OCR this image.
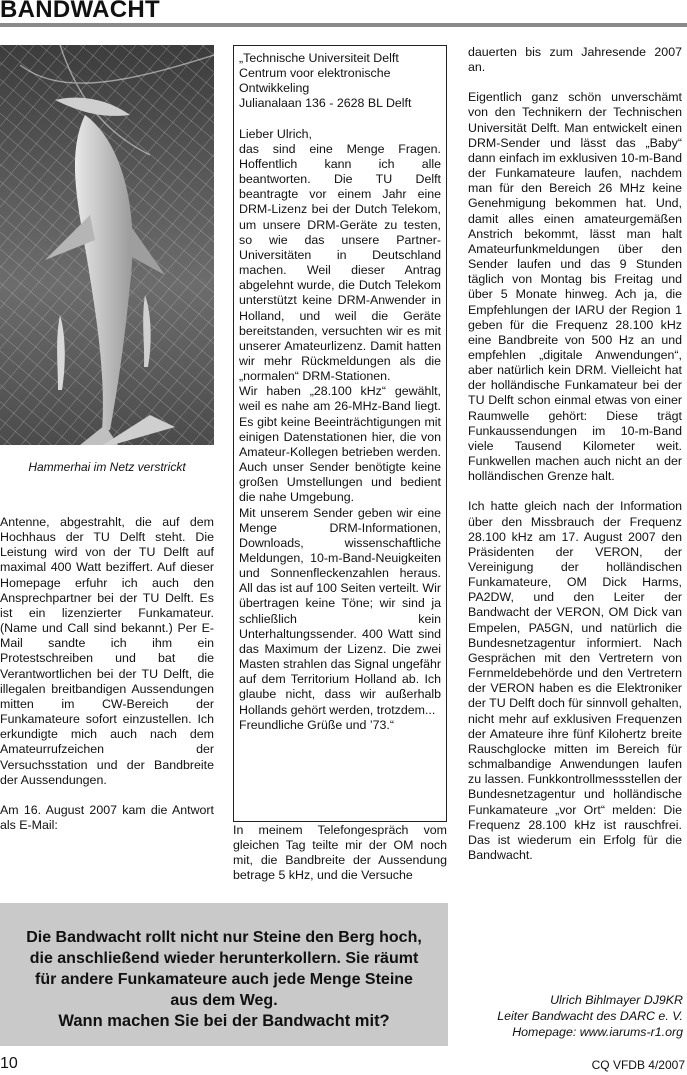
BANDWACHT
Hammerhai im Netz verstrickt

Antenne, abgestrahlt, die auf dem Hochhaus der TU Delft steht. Die Leistung wird von der TU Delft auf maximal 400 Watt beziffert. Auf dieser Homepage erfuhr ich auch den Ansprechpartner bei der TU Delft. Es ist ein lizenzierter Funkamateur. (Name und Call sind bekannt.) Per E-Mail sandte ich ihm ein Protestschreiben und bat die Verantwortlichen bei der TU Delft, die illegalen breitbandigen Aussendungen mitten im CW-Bereich der Funkamateure sofort einzustellen. Ich erkundigte mich auch nach dem Amateurrufzeichen der Versuchsstation und der Bandbreite der Aussendungen.

Am 16. August 2007 kam die Antwort als E-Mail:

„Technische Universiteit Delft

Centrum voor elektronische

Ontwikkeling

Julianalaan 136 - 2628 BL Delft

Lieber Ulrich,

das sind eine Menge Fragen. Hoffentlich kann ich alle beantworten. Die TU Delft beantragte vor einem Jahr eine DRM-Lizenz bei der Dutch Telekom, um unsere DRM-Geräte zu testen, so wie das unsere Partner-Universitäten in Deutschland machen. Weil dieser Antrag abgelehnt wurde, die Dutch Telekom unterstützt keine DRM-Anwender in Holland, und weil die Geräte bereitstanden, versuchten wir es mit unserer Amateurlizenz. Damit hatten wir mehr Rückmeldungen als die „normalen“ DRM-Stationen.

Wir haben „28.100 kHz“ gewählt, weil es nahe am 26-MHz-Band liegt. Es gibt keine Beeinträchtigungen mit einigen Datenstationen hier, die von Amateur-Kollegen betrieben werden. Auch unser Sender benötigte keine großen Umstellungen und bedient die nahe Umgebung.

Mit unserem Sender geben wir eine Menge DRM-Informationen, Downloads, wissenschaftliche Meldungen, 10-m-Band-Neuigkeiten und Sonnenfleckenzahlen heraus. All das ist auf 100 Seiten verteilt. Wir übertragen keine Töne; wir sind ja schließlich kein Unterhaltungssender. 400 Watt sind das Maximum der Lizenz. Die zwei Masten strahlen das Signal ungefähr auf dem Territorium Holland ab. Ich glaube nicht, dass wir außerhalb Hollands gehört werden, trotzdem...

Freundliche Grüße und ’73.“

In meinem Telefongespräch vom gleichen Tag teilte mir der OM noch mit, die Bandbreite der Aussendung betrage 5 kHz, und die Versuche

dauerten bis zum Jahresende 2007 an.

Eigentlich ganz schön unverschämt von den Technikern der Technischen Universität Delft. Man entwickelt einen DRM-Sender und lässt das „Baby“ dann einfach im exklusiven 10-m-Band der Funkamateure laufen, nachdem man für den Bereich 26 MHz keine Genehmigung bekommen hat. Und, damit alles einen amateurgemäßen Anstrich bekommt, lässt man halt Amateurfunkmeldungen über den Sender laufen und das 9 Stunden täglich von Montag bis Freitag und über 5 Monate hinweg. Ach ja, die Empfehlungen der IARU der Region 1 geben für die Frequenz 28.100 kHz eine Bandbreite von 500 Hz an und empfehlen „digitale Anwendungen“, aber natürlich kein DRM. Vielleicht hat der holländische Funkamateur bei der TU Delft schon einmal etwas von einer Raumwelle gehört: Diese trägt Funkaussendungen im 10-m-Band viele Tausend Kilometer weit. Funkwellen machen auch nicht an der holländischen Grenze halt.

Ich hatte gleich nach der Information über den Missbrauch der Frequenz 28.100 kHz am 17. August 2007 den Präsidenten der VERON, der Vereinigung der holländischen Funkamateure, OM Dick Harms, PA2DW, und den Leiter der Bandwacht der VERON, OM Dick van Empelen, PA5GN, und natürlich die Bundesnetzagentur informiert. Nach Gesprächen mit den Vertretern von Fernmeldebehörde und den Vertretern der VERON haben es die Elektroniker der TU Delft doch für sinnvoll gehalten, nicht mehr auf exklusiven Frequenzen der Amateure ihre fünf Kilohertz breite Rauschglocke mitten im Bereich für schmalbandige Anwendungen laufen zu lassen. Funkkontrollmessstellen der Bundesnetzagentur und holländische Funkamateure „vor Ort“ melden: Die Frequenz 28.100 kHz ist rauschfrei. Das ist wiederum ein Erfolg für die Bandwacht.

Ulrich Bihlmayer DJ9KR
Leiter Bandwacht des DARC e. V.
Homepage: www.iarums-r1.org
Die Bandwacht rollt nicht nur Steine den Berg hoch,
die anschließend wieder herunterkollern. Sie räumt
für andere Funkamateure auch jede Menge Steine
aus dem Weg.
Wann machen Sie bei der Bandwacht mit?
10	CQ VFDB 4/2007
